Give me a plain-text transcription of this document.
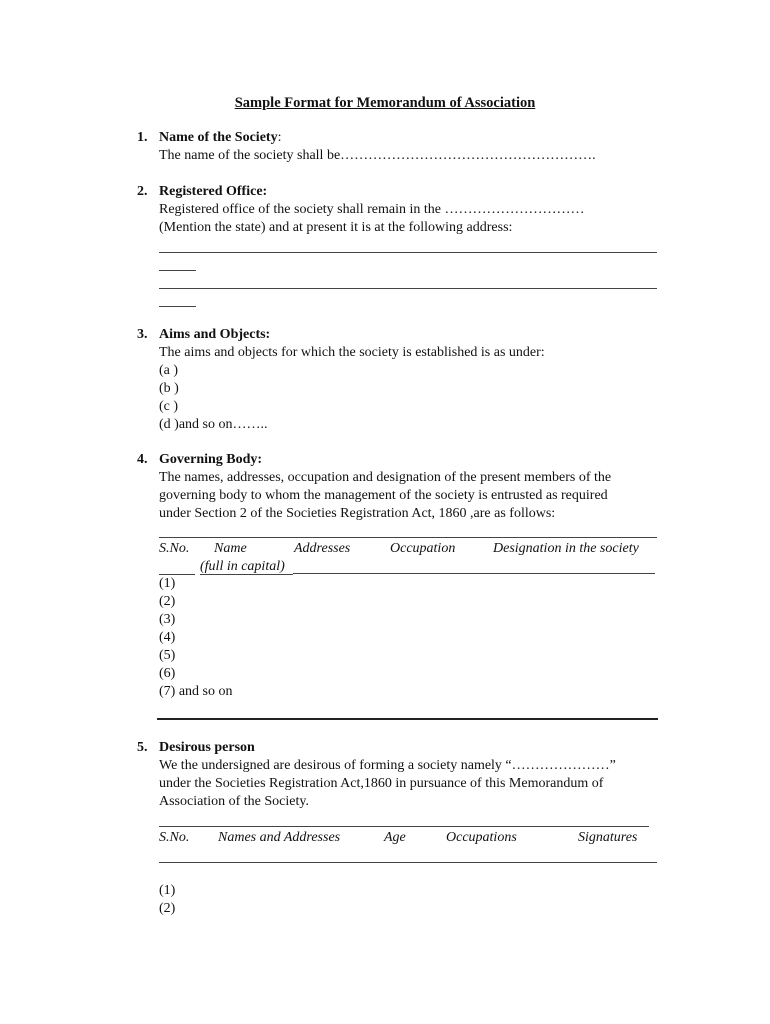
Sample Format for Memorandum of Association
1. Name of the Society:
The name of the society shall be……………………………………………….
2. Registered Office:
Registered office of the society shall remain in the …………………………
(Mention the state) and at present it is at the following address:
3. Aims and Objects:
The aims and objects for which the society is established is as under:
(a )
(b )
(c )
(d )and so on……..
4. Governing Body:
The names, addresses, occupation and designation of the present members of the
governing body to whom the management of the society is entrusted as required
under Section 2 of the Societies Registration Act, 1860 ,are as follows:
S.No. Name	Addresses	Occupation	Designation in the society
(full in capital)
(1)
(2)
(3)
(4)
(5)
(6)
(7) and so on
5. Desirous person
We the undersigned are desirous of forming a society namely “…………………”
under the Societies Registration Act,1860 in pursuance of this Memorandum of
Association of the Society.
S.No. Names and Addresses	Age	Occupations	Signatures
(1)
(2)
